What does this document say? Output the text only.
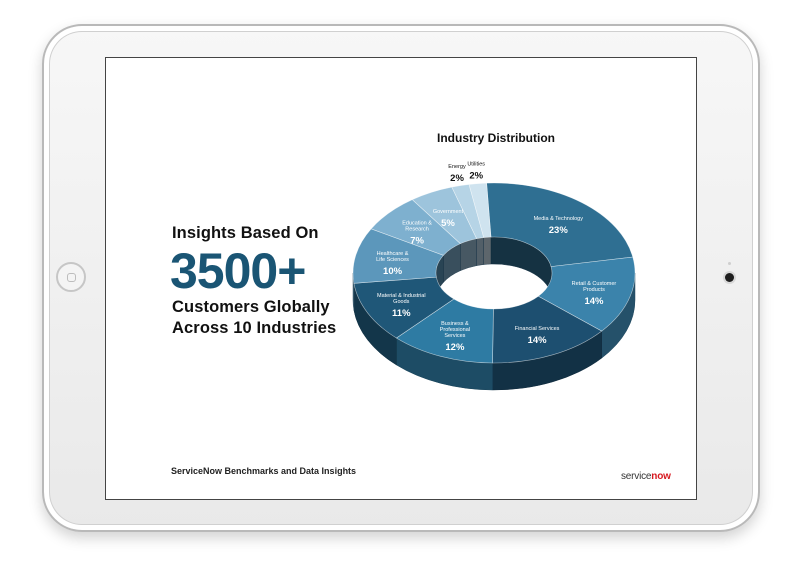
Insights Based On
3500+
Customers Globally
Across 10 Industries
Industry Distribution
Media & Technology
23%
Retail & Customer
Products
14%
Financial Services
14%
Business &
Professional
Services
12%
Material & Industrial
Goods
11%
Healthcare &
Life Sciences
10%
Education &
Research
7%
Government
5%
Energy
2%
Utilities
2%
ServiceNow Benchmarks and Data Insights	servicenow
